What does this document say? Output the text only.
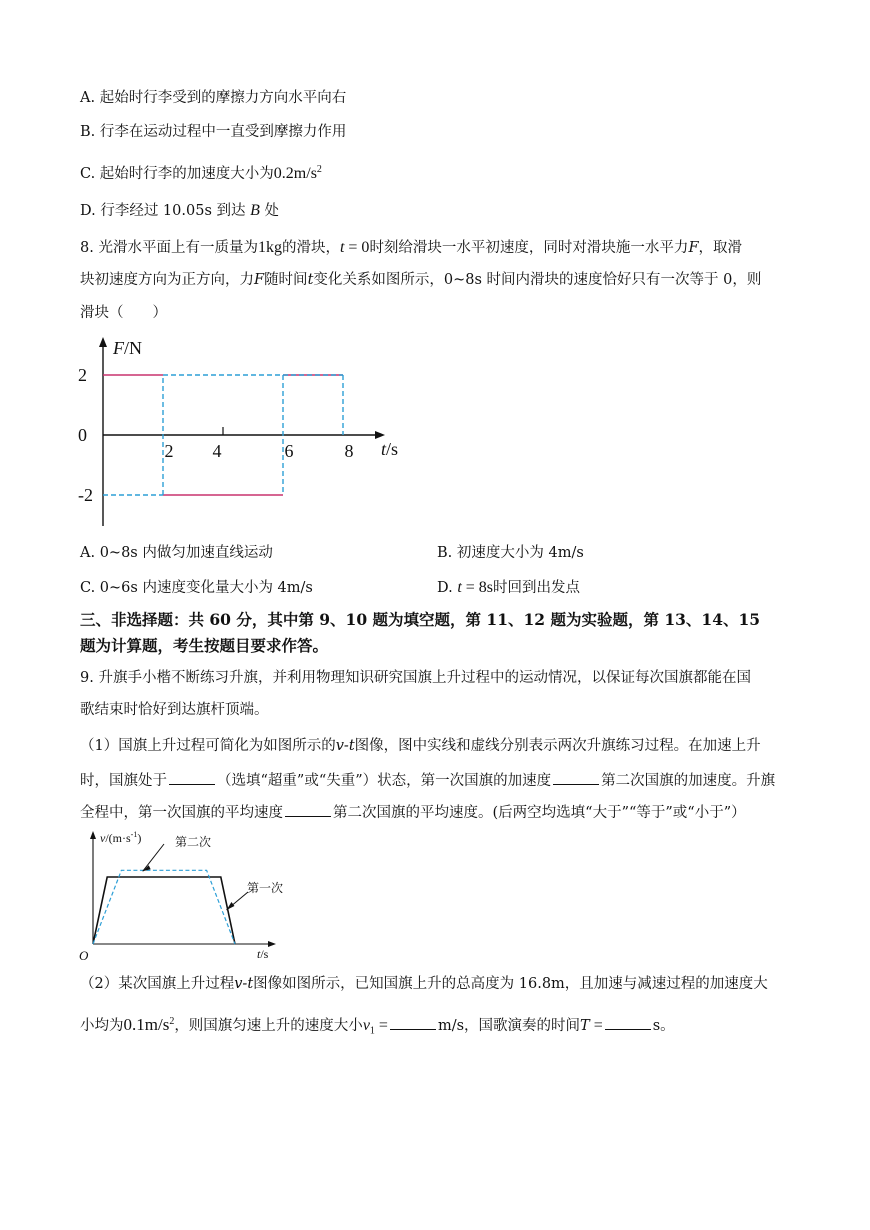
A. 起始时行李受到的摩擦力方向水平向右
B. 行李在运动过程中一直受到摩擦力作用
C. 起始时行李的加速度大小为$0.2m/s^2$
D. 行李经过 10.05s 到达 B 处
8. 光滑水平面上有一质量为1kg的滑块，t = 0时刻给滑块一水平初速度，同时对滑块施一水平力F，取滑
块初速度方向为正方向，力F随时间t变化关系如图所示，0~8s 时间内滑块的速度恰好只有一次等于 0，则
滑块（　　）
2 4	6	8
2
0
-2
F/N
t/s
A. 0~8s 内做匀加速直线运动	B. 初速度大小为 4m/s
C. 0~6s 内速度变化量大小为 4m/s	D. t = 8s时回到出发点
三、非选择题：共 60 分，其中第 9、10 题为填空题，第 11、12 题为实验题，第 13、14、15
题为计算题，考生按题目要求作答。
9. 升旗手小楷不断练习升旗，并利用物理知识研究国旗上升过程中的运动情况，以保证每次国旗都能在国
歌结束时恰好到达旗杆顶端。
（1）国旗上升过程可简化为如图所示的v-t图像，图中实线和虚线分别表示两次升旗练习过程。在加速上升
时，国旗处于	（选填“超重”或“失重”）状态，第一次国旗的加速度	第二次国旗的加速度。升旗
全程中，第一次国旗的平均速度	第二次国旗的平均速度。(后两空均选填“大于”“等于”或“小于”）
$v/(m\cdot s^{-1})$
t/s
O
第二次
第一次
（2）某次国旗上升过程v-t图像如图所示，已知国旗上升的总高度为 16.8m，且加速与减速过程的加速度大
小均为$0.1m/s^2$，则国旗匀速上升的速度大小$v_1$ =	m/s，国歌演奏的时间T =	s。
